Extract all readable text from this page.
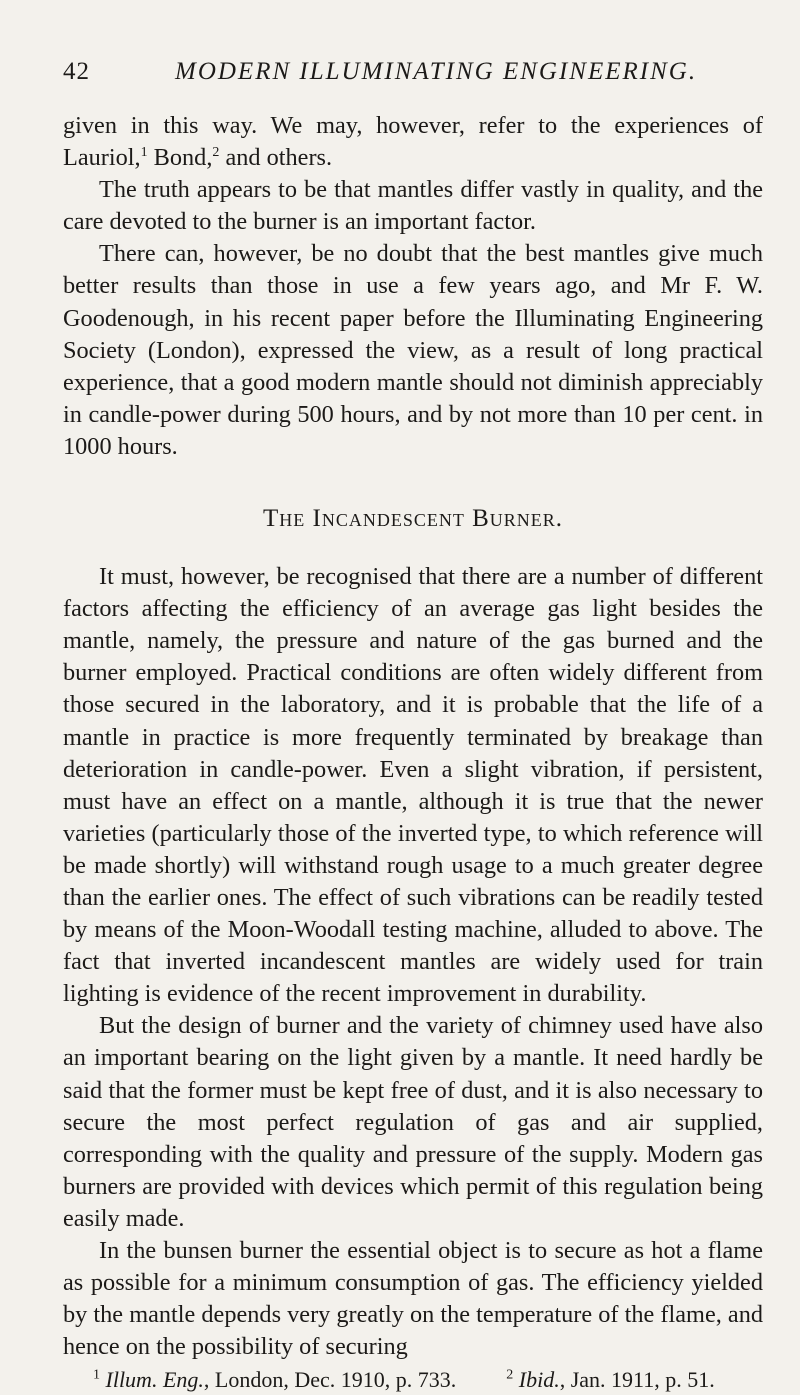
42	MODERN ILLUMINATING ENGINEERING.

given in this way. We may, however, refer to the experiences of Lauriol,$^1$ Bond,$^2$ and others.

The truth appears to be that mantles differ vastly in quality, and the care devoted to the burner is an important factor.

There can, however, be no doubt that the best mantles give much better results than those in use a few years ago, and Mr F. W. Goodenough, in his recent paper before the Illuminating Engineering Society (London), expressed the view, as a result of long practical experience, that a good modern mantle should not diminish appreciably in candle-power during 500 hours, and by not more than 10 per cent. in 1000 hours.

The Incandescent Burner.

It must, however, be recognised that there are a number of different factors affecting the efficiency of an average gas light besides the mantle, namely, the pressure and nature of the gas burned and the burner employed. Practical conditions are often widely different from those secured in the laboratory, and it is probable that the life of a mantle in practice is more frequently terminated by breakage than deterioration in candle-power. Even a slight vibration, if persistent, must have an effect on a mantle, although it is true that the newer varieties (particularly those of the inverted type, to which reference will be made shortly) will withstand rough usage to a much greater degree than the earlier ones. The effect of such vibrations can be readily tested by means of the Moon-Woodall testing machine, alluded to above. The fact that inverted incandescent mantles are widely used for train lighting is evidence of the recent improvement in durability.

But the design of burner and the variety of chimney used have also an important bearing on the light given by a mantle. It need hardly be said that the former must be kept free of dust, and it is also necessary to secure the most perfect regulation of gas and air supplied, corresponding with the quality and pressure of the supply. Modern gas burners are provided with devices which permit of this regulation being easily made.

In the bunsen burner the essential object is to secure as hot a flame as possible for a minimum consumption of gas. The efficiency yielded by the mantle depends very greatly on the temperature of the flame, and hence on the possibility of securing

$^1$ Illum. Eng., London, Dec. 1910, p. 733.	$^2$ Ibid., Jan. 1911, p. 51.
